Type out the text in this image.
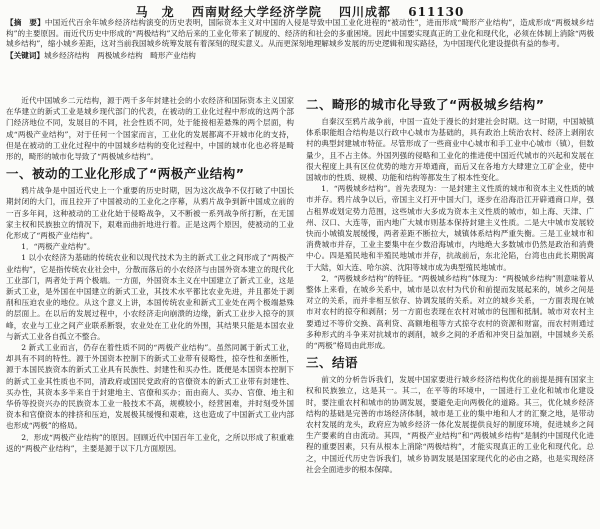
马　龙 西南财经大学经济学院 四川成都 611130

【摘　要】中国近代百余年城乡经济结构演变的历史表明，国际资本主义对中国的入侵是导致中国工业化进程的“被动性”，进而形成“畸形产业结构”，造成形成“两极城乡结构”的主要原因。而近代历史中形成的“两极结构”又给后来的工业化带来了制度的、经济的和社会的多重困境。因此中国要实现真正的工业化和现代化，必须在体制上消除“两极城乡结构”，缩小城乡差距，这对当前我国城乡统筹发展有着深刻的现实意义。从而更深刻地理解城乡发展的历史逻辑和现实路径，为中国现代化建设提供有益的参考。

【关键词】城乡经济结构　两极城乡结构　畸形产业结构

近代中国城乡二元结构，源于两千多年封建社会的小农经济和国际资本主义国家在华建立的新式工业是城乡现代部门的代表，在被动的工业化过程中形成的这两个部门经济地位不同，发展目的不同，社会性质不同，处于能接相差悬殊的两个层面，构成“两极产业结构”，对于任何一个国家而言，工业化的发展都离不开城市化的支持，但是在被动的工业化过程中的中国城乡结构的变化过程中，中国的城市化也必将是畸形的，畸形的城市化导致了“两极城乡结构”。

一、被动的工业化形成了“两极产业结构”

鸦片战争是中国近代史上一个重要的历史时期，因为这次战争不仅打破了中国长期封闭的大门，而且拉开了中国被动的工业化之序幕，从鸦片战争到新中国成立前的一百多年间，这种被动的工业化始于侵略战争，又不断被一系列战争所打断，在无国家主权和民族独立的情况下，艰难而曲折地进行着。正是这两个原因，使被动的工业化形成了“两极产业结构”。

1．“两极产业结构”。

1 以小农经济为基础的传统农业和以现代技术为主的新式工业之间形成了“两极产业结构”，它是指传统农业社会中，分散而落后的小农经济与由国外资本建立的现代化工业部门，两者处于两个极端。一方面，外国资本主义在中国建立了新式工业，这是新式工业，是外国在中国建立的新式工业，其技术水平都比农业先进，并且都处于剥削和压迫农业的地位。从这个意义上讲，本国传统农业和新式工业处在两个极端悬殊的层面上。在以后的发展过程中，小农经济走向崩溃的边缘，新式工业步入掠夺的顶峰，农业与工业之间产业联系断裂，农业处在工业化的外围，其结果只能是本国农业与新式工业各自孤立不整合。

2 新式工业而言，仍存在着性质不同的“两极产业结构”。虽然同属于新式工业，却具有不同的特性。源于外国资本控制下的新式工业带有侵略性，掠夺性和垄断性，源于本国民族资本的新式工业具有民族性、封建性和买办性。既便是本国资本控制下的新式工业其性质也不同，清政府或国民党政府的官僚资本的新式工业带有封建性、买办性，其资本多半来自于封建地主、官僚和买办；而由商人、买办、官僚、地主和华侨等投资兴办的民族资本工业一般技术不高，规模较小，经营困难，并时刻受外国资本和官僚资本的排挤和压迫，发展极其缓慢和艰难，这也造成了中国新式工业内部也形成“两极”的格局。

2．形成“两极产业结构”的原因。回顾近代中国百年工业化，之所以形成了积重难返的“两极产业结构”，主要是源于以下几方面原因。

二、畸形的城市化导致了“两极城乡结构”

自秦汉至鸦片战争前，中国一直处于漫长的封建社会时期。这一时期，中国城镇体系职能组合结构是以行政中心城市为基础的，具有政治上统治农村、经济上剥削农村的典型封建城市特征。尽管形成了一些商业中心城市和手工业中心城市（镇），但数量少，且不占主体。外国列强的侵略和工业化的推进使中国近代城市的兴起和发展在很大程度上具有区位优势的地方开埠通商，而后又在各地方大肆建立工矿企业，使中国城市的性质、规模、功能和结构等都发生了根本性变化。

1．“两极城乡结构”。首先表现为：一是封建主义性质的城市和资本主义性质的城市并存。鸦片战争以后，帝国主义打开中国大门，逐步在沿海沿江开辟通商口岸，强占租界或划定势力范围，这些城市大多成为资本主义性质的城市，如上海、天津、广州、汉口、大连等，而内地广大城市则基本保持封建主义性质。二是大中城市发展较快而小城镇发展缓慢，两者差距不断拉大，城镇体系结构严重失衡。三是工业城市和消费城市并存，工业主要集中在少数沿海城市，内地绝大多数城市仍然是政治和消费中心。四是殖民地和半殖民地城市并存，抗战前后，东北沦陷，台湾也由此长期脱离于大陆，如大连、哈尔滨、沈阳等城市成为典型殖民地城市。

2．“两极城乡结构”的特征。“两极城乡结构”体现为：“两极城乡结构”则意味着从整体上来看，在城乡关系中，城市是以农村为代价和前提而发展起来的，城乡之间是对立的关系，而并非相互依存、协调发展的关系。对立的城乡关系，一方面表现在城市对农村的掠夺和剥削；另一方面也表现在农村对城市的包围和抵制。城市对农村主要通过不等价交换、高利贷、高额地租等方式掠夺农村的资源和财富，而农村则通过多种形式的斗争来对抗城市的剥削，城乡之间的矛盾和冲突日益加剧，中国城乡关系的“两极”格局由此形成。

三、结语

前文的分析告诉我们，发展中国家要进行城乡经济结构优化的前提是拥有国家主权和民族独立，这是其一。其二，在平等的环境中，一国进行工业化和城市化建设时，要注重农村和城市的协调发展，要避免走向两极化的道路。其三，优化城乡经济结构的基础是完善的市场经济体制，城市是工业的集中地和人才的汇聚之地，是带动农村发展的龙头，政府应为城乡经济一体化发展提供良好的制度环境，促进城乡之间生产要素的自由流动。其四，“两极产业结构”和“两极城乡结构”是制约中国现代化进程的重要因素，只有从根本上消除“两极结构”，才能实现真正的工业化和现代化。总之，中国近代历史告诉我们，城乡协调发展是国家现代化的必由之路，也是实现经济社会全面进步的根本保障。
